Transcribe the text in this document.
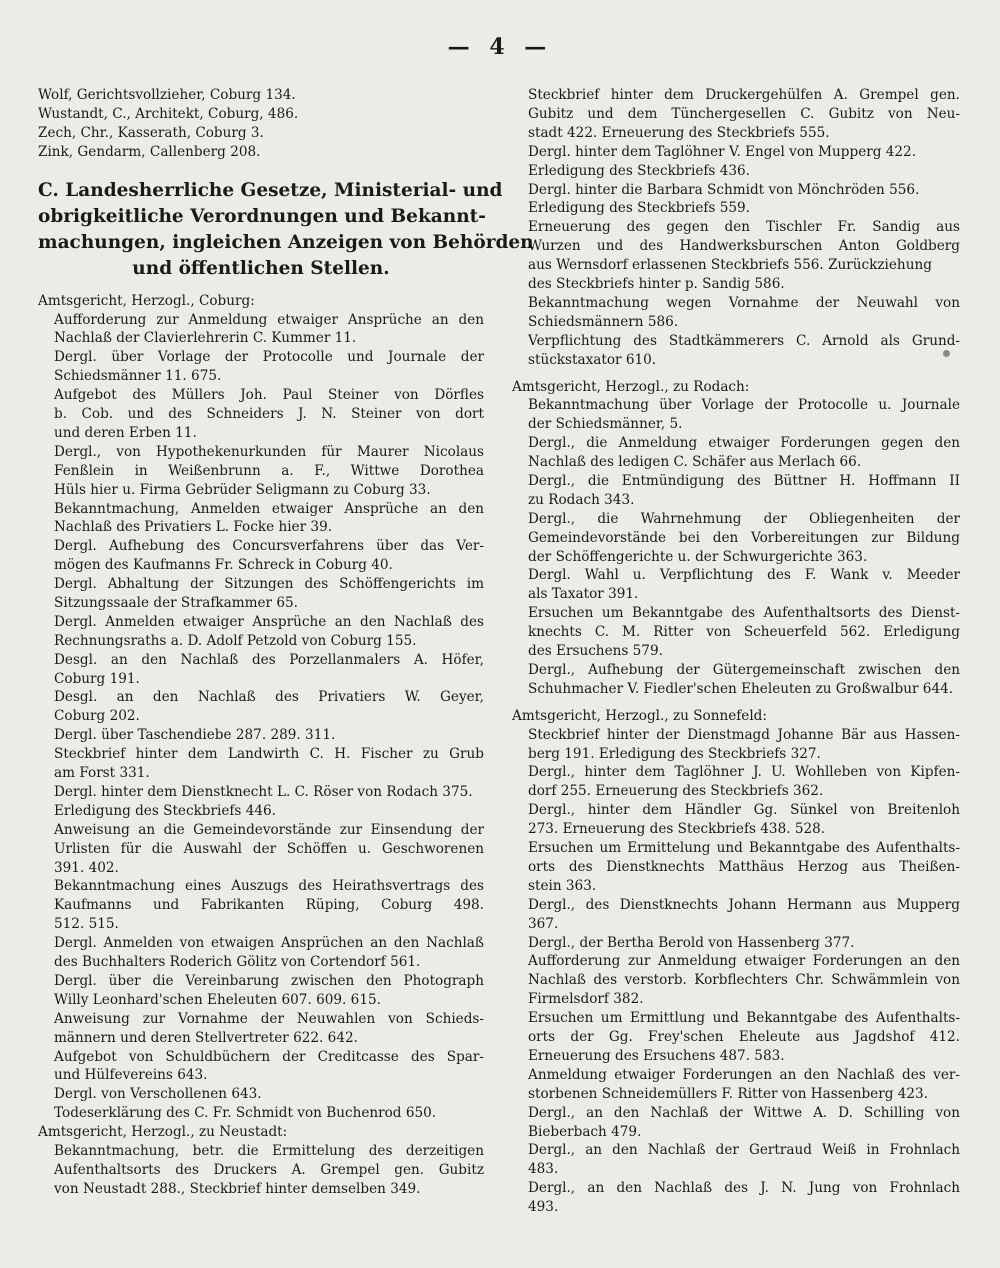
— 4 —
Wolf, Gerichtsvollzieher, Coburg 134.
Wustandt, C., Architekt, Coburg, 486.
Zech, Chr., Kasserath, Coburg 3.
Zink, Gendarm, Callenberg 208.
C. Landesherrliche Gesetze, Ministerial- und
obrigkeitliche Verordnungen und Bekannt-
machungen, ingleichen Anzeigen von Behörden
und öffentlichen Stellen.
Amtsgericht, Herzogl., Coburg:
Aufforderung zur Anmeldung etwaiger Ansprüche an den
Nachlaß der Clavierlehrerin C. Kummer 11.
Dergl. über Vorlage der Protocolle und Journale der
Schiedsmänner 11. 675.
Aufgebot des Müllers Joh. Paul Steiner von Dörfles
b. Cob. und des Schneiders J. N. Steiner von dort
und deren Erben 11.
Dergl., von Hypothekenurkunden für Maurer Nicolaus
Fenßlein in Weißenbrunn a. F., Wittwe Dorothea
Hüls hier u. Firma Gebrüder Seligmann zu Coburg 33.
Bekanntmachung, Anmelden etwaiger Ansprüche an den
Nachlaß des Privatiers L. Focke hier 39.
Dergl. Aufhebung des Concursverfahrens über das Ver-
mögen des Kaufmanns Fr. Schreck in Coburg 40.
Dergl. Abhaltung der Sitzungen des Schöffengerichts im
Sitzungssaale der Strafkammer 65.
Dergl. Anmelden etwaiger Ansprüche an den Nachlaß des
Rechnungsraths a. D. Adolf Petzold von Coburg 155.
Desgl. an den Nachlaß des Porzellanmalers A. Höfer,
Coburg 191.
Desgl. an den Nachlaß des Privatiers W. Geyer,
Coburg 202.
Dergl. über Taschendiebe 287. 289. 311.
Steckbrief hinter dem Landwirth C. H. Fischer zu Grub
am Forst 331.
Dergl. hinter dem Dienstknecht L. C. Röser von Rodach 375.
Erledigung des Steckbriefs 446.
Anweisung an die Gemeindevorstände zur Einsendung der
Urlisten für die Auswahl der Schöffen u. Geschworenen
391. 402.
Bekanntmachung eines Auszugs des Heirathsvertrags des
Kaufmanns und Fabrikanten Rüping, Coburg 498.
512. 515.
Dergl. Anmelden von etwaigen Ansprüchen an den Nachlaß
des Buchhalters Roderich Gölitz von Cortendorf 561.
Dergl. über die Vereinbarung zwischen den Photograph
Willy Leonhard'schen Eheleuten 607. 609. 615.
Anweisung zur Vornahme der Neuwahlen von Schieds-
männern und deren Stellvertreter 622. 642.
Aufgebot von Schuldbüchern der Creditcasse des Spar-
und Hülfevereins 643.
Dergl. von Verschollenen 643.
Todeserklärung des C. Fr. Schmidt von Buchenrod 650.
Amtsgericht, Herzogl., zu Neustadt:
Bekanntmachung, betr. die Ermittelung des derzeitigen
Aufenthaltsorts des Druckers A. Grempel gen. Gubitz
von Neustadt 288., Steckbrief hinter demselben 349.
Steckbrief hinter dem Druckergehülfen A. Grempel gen.
Gubitz und dem Tünchergesellen C. Gubitz von Neu-
stadt 422. Erneuerung des Steckbriefs 555.
Dergl. hinter dem Taglöhner V. Engel von Mupperg 422.
Erledigung des Steckbriefs 436.
Dergl. hinter die Barbara Schmidt von Mönchröden 556.
Erledigung des Steckbriefs 559.
Erneuerung des gegen den Tischler Fr. Sandig aus
Wurzen und des Handwerksburschen Anton Goldberg
aus Wernsdorf erlassenen Steckbriefs 556. Zurückziehung
des Steckbriefs hinter p. Sandig 586.
Bekanntmachung wegen Vornahme der Neuwahl von
Schiedsmännern 586.
Verpflichtung des Stadtkämmerers C. Arnold als Grund-
stückstaxator 610.
Amtsgericht, Herzogl., zu Rodach:
Bekanntmachung über Vorlage der Protocolle u. Journale
der Schiedsmänner, 5.
Dergl., die Anmeldung etwaiger Forderungen gegen den
Nachlaß des ledigen C. Schäfer aus Merlach 66.
Dergl., die Entmündigung des Büttner H. Hoffmann II
zu Rodach 343.
Dergl., die Wahrnehmung der Obliegenheiten der
Gemeindevorstände bei den Vorbereitungen zur Bildung
der Schöffengerichte u. der Schwurgerichte 363.
Dergl. Wahl u. Verpflichtung des F. Wank v. Meeder
als Taxator 391.
Ersuchen um Bekanntgabe des Aufenthaltsorts des Dienst-
knechts C. M. Ritter von Scheuerfeld 562. Erledigung
des Ersuchens 579.
Dergl., Aufhebung der Gütergemeinschaft zwischen den
Schuhmacher V. Fiedler'schen Eheleuten zu Großwalbur 644.
Amtsgericht, Herzogl., zu Sonnefeld:
Steckbrief hinter der Dienstmagd Johanne Bär aus Hassen-
berg 191. Erledigung des Steckbriefs 327.
Dergl., hinter dem Taglöhner J. U. Wohlleben von Kipfen-
dorf 255. Erneuerung des Steckbriefs 362.
Dergl., hinter dem Händler Gg. Sünkel von Breitenloh
273. Erneuerung des Steckbriefs 438. 528.
Ersuchen um Ermittelung und Bekanntgabe des Aufenthalts-
orts des Dienstknechts Matthäus Herzog aus Theißen-
stein 363.
Dergl., des Dienstknechts Johann Hermann aus Mupperg
367.
Dergl., der Bertha Berold von Hassenberg 377.
Aufforderung zur Anmeldung etwaiger Forderungen an den
Nachlaß des verstorb. Korbflechters Chr. Schwämmlein von
Firmelsdorf 382.
Ersuchen um Ermittlung und Bekanntgabe des Aufenthalts-
orts der Gg. Frey'schen Eheleute aus Jagdshof 412.
Erneuerung des Ersuchens 487. 583.
Anmeldung etwaiger Forderungen an den Nachlaß des ver-
storbenen Schneidemüllers F. Ritter von Hassenberg 423.
Dergl., an den Nachlaß der Wittwe A. D. Schilling von
Bieberbach 479.
Dergl., an den Nachlaß der Gertraud Weiß in Frohnlach
483.
Dergl., an den Nachlaß des J. N. Jung von Frohnlach
493.
